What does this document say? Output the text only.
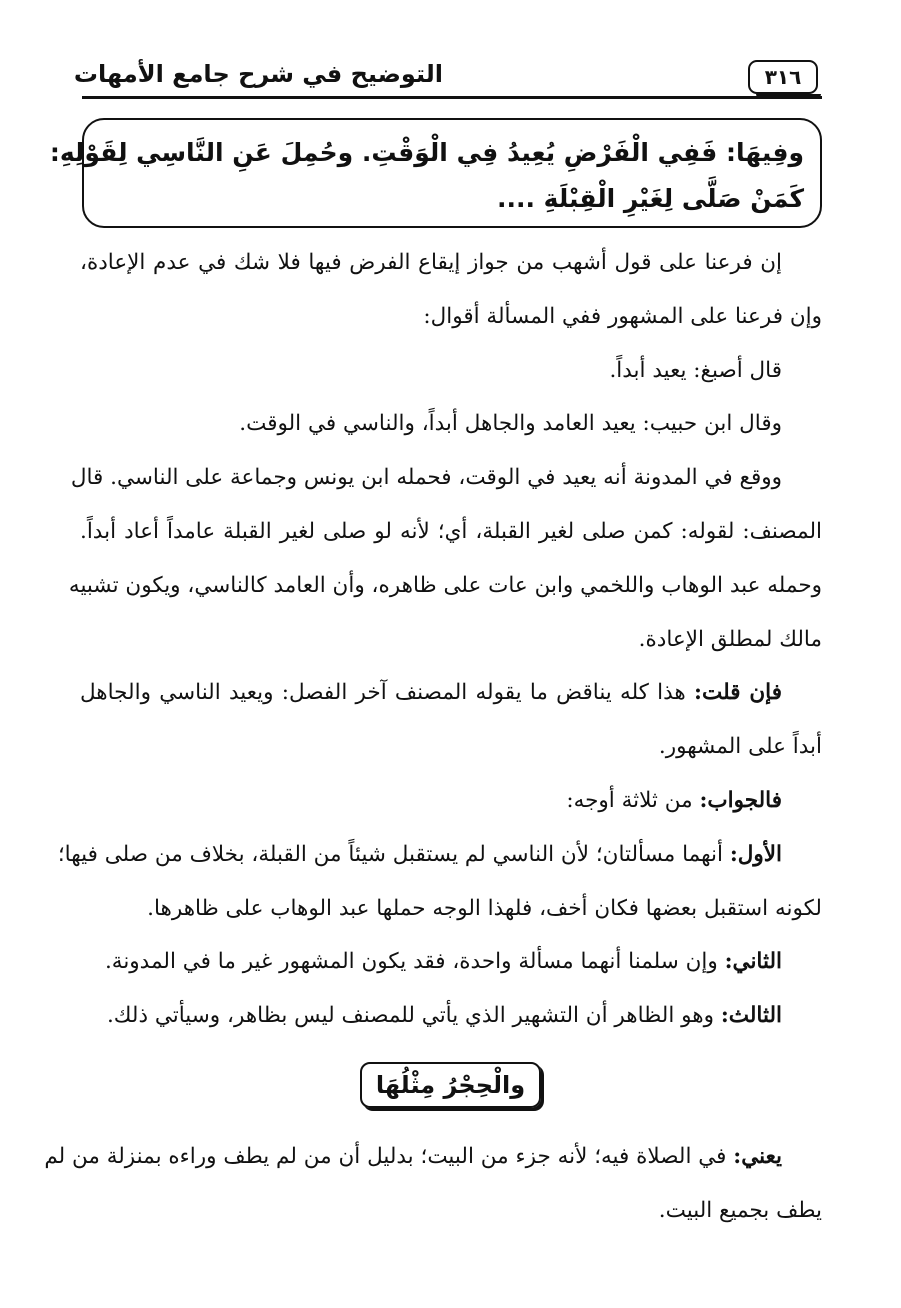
التوضيح في شرح جامع الأمهات	٣١٦
وفِيهَا: فَفِي الْفَرْضِ يُعِيدُ فِي الْوَقْتِ. وحُمِلَ عَنِ النَّاسِي لِقَوْلِهِ:
كَمَنْ صَلَّى لِغَيْرِ الْقِبْلَةِ ....
إن فرعنا على قول أشهب من جواز إيقاع الفرض فيها فلا شك في عدم الإعادة،
وإن فرعنا على المشهور ففي المسألة أقوال:
قال أصبغ: يعيد أبداً.
وقال ابن حبيب: يعيد العامد والجاهل أبداً، والناسي في الوقت.
ووقع في المدونة أنه يعيد في الوقت، فحمله ابن يونس وجماعة على الناسي. قال
المصنف: لقوله: كمن صلى لغير القبلة، أي؛ لأنه لو صلى لغير القبلة عامداً أعاد أبداً.
وحمله عبد الوهاب واللخمي وابن عات على ظاهره، وأن العامد كالناسي، ويكون تشبيه
مالك لمطلق الإعادة.
فإن قلت: هذا كله يناقض ما يقوله المصنف آخر الفصل: ويعيد الناسي والجاهل
أبداً على المشهور.
فالجواب: من ثلاثة أوجه:
الأول: أنهما مسألتان؛ لأن الناسي لم يستقبل شيئاً من القبلة، بخلاف من صلى فيها؛
لكونه استقبل بعضها فكان أخف، فلهذا الوجه حملها عبد الوهاب على ظاهرها.
الثاني: وإن سلمنا أنهما مسألة واحدة، فقد يكون المشهور غير ما في المدونة.
الثالث: وهو الظاهر أن التشهير الذي يأتي للمصنف ليس بظاهر، وسيأتي ذلك.
والْحِجْرُ مِثْلُهَا
يعني: في الصلاة فيه؛ لأنه جزء من البيت؛ بدليل أن من لم يطف وراءه بمنزلة من لم
يطف بجميع البيت.
